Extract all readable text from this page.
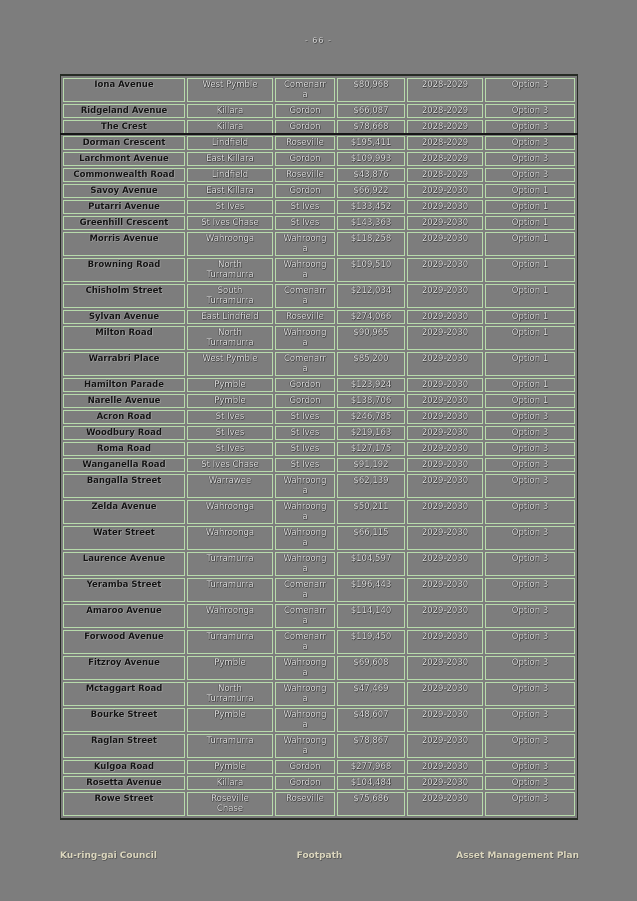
- 66 -
Iona Avenue	West Pymble	Comenarra	$80,968	2028-2029	Option 3
Ridgeland Avenue	Killara	Gordon	$66,087	2028-2029	Option 3
The Crest	Killara	Gordon	$78,668	2028-2029	Option 3
Dorman Crescent	Lindfield	Roseville	$195,411	2028-2029	Option 3
Larchmont Avenue	East Killara	Gordon	$109,993	2028-2029	Option 3
Commonwealth Road	Lindfield	Roseville	$43,876	2028-2029	Option 3
Savoy Avenue	East Killara	Gordon	$66,922	2029-2030	Option 1
Putarri Avenue	St Ives	St Ives	$133,452	2029-2030	Option 1
Greenhill Crescent	St Ives Chase	St Ives	$143,363	2029-2030	Option 1
Morris Avenue	Wahroonga	Wahroonga	$118,258	2029-2030	Option 1
Browning Road	North Turramurra	Wahroonga	$109,510	2029-2030	Option 1
Chisholm Street	South Turramurra	Comenarra	$212,034	2029-2030	Option 1
Sylvan Avenue	East Lindfield	Roseville	$274,066	2029-2030	Option 1
Milton Road	North Turramurra	Wahroonga	$90,965	2029-2030	Option 1
Warrabri Place	West Pymble	Comenarra	$85,200	2029-2030	Option 1
Hamilton Parade	Pymble	Gordon	$123,924	2029-2030	Option 1
Narelle Avenue	Pymble	Gordon	$138,706	2029-2030	Option 1
Acron Road	St Ives	St Ives	$246,785	2029-2030	Option 3
Woodbury Road	St Ives	St Ives	$219,163	2029-2030	Option 3
Roma Road	St Ives	St Ives	$127,175	2029-2030	Option 3
Wanganella Road	St Ives Chase	St Ives	$91,192	2029-2030	Option 3
Bangalla Street	Warrawee	Wahroonga	$62,139	2029-2030	Option 3
Zelda Avenue	Wahroonga	Wahroonga	$50,211	2029-2030	Option 3
Water Street	Wahroonga	Wahroonga	$66,115	2029-2030	Option 3
Laurence Avenue	Turramurra	Wahroonga	$104,597	2029-2030	Option 3
Yeramba Street	Turramurra	Comenarra	$196,443	2029-2030	Option 3
Amaroo Avenue	Wahroonga	Comenarra	$114,140	2029-2030	Option 3
Forwood Avenue	Turramurra	Comenarra	$119,450	2029-2030	Option 3
Fitzroy Avenue	Pymble	Wahroonga	$69,608	2029-2030	Option 3
Mctaggart Road	North Turramurra	Wahroonga	$47,469	2029-2030	Option 3
Bourke Street	Pymble	Wahroonga	$48,607	2029-2030	Option 3
Raglan Street	Turramurra	Wahroonga	$78,867	2029-2030	Option 3
Kulgoa Road	Pymble	Gordon	$277,968	2029-2030	Option 3
Rosetta Avenue	Killara	Gordon	$104,484	2029-2030	Option 3
Rowe Street	Roseville Chase	Roseville	$75,686	2029-2030	Option 3
Ku-ring-gai Council	Footpath	Asset Management Plan
